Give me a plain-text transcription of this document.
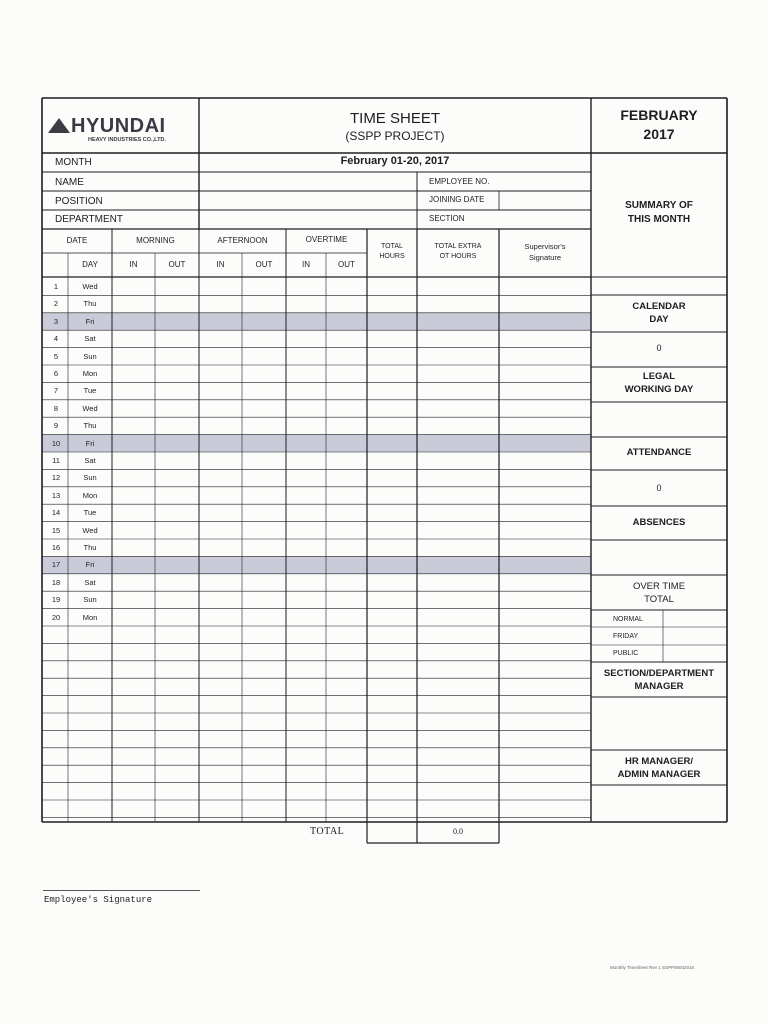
HYUNDAI
HEAVY INDUSTRIES CO.,LTD.
TIME SHEET
(SSPP PROJECT)
FEBRUARY
2017
MONTH	February 01-20, 2017
NAME
POSITION
DEPARTMENT
EMPLOYEE NO.
JOINING DATE
SECTION
DATE	MORNING	AFTERNOON	OVERTIME
TOTAL
HOURS
TOTAL EXTRA
OT HOURS
Supervisor's
Signature
DAY	IN	OUT	IN	OUT	IN	OUT
1	Wed
2	Thu
3	Fri
4	Sat
5	Sun
6	Mon
7	Tue
8	Wed
9	Thu
10	Fri
11	Sat
12	Sun
13	Mon
14	Tue
15	Wed
16	Thu
17	Fri
18	Sat
19	Sun
20	Mon
TOTAL	0.0
SUMMARY OF
THIS MONTH
CALENDAR
DAY
0
LEGAL
WORKING DAY
ATTENDANCE
0
ABSENCES
OVER TIME
TOTAL
NORMAL
FRIDAY
PUBLIC
SECTION/DEPARTMENT
MANAGER
HR MANAGER/
ADMIN MANAGER
Employee's Signature
Monthly Timesheet Rev 1 SSPP06042016
